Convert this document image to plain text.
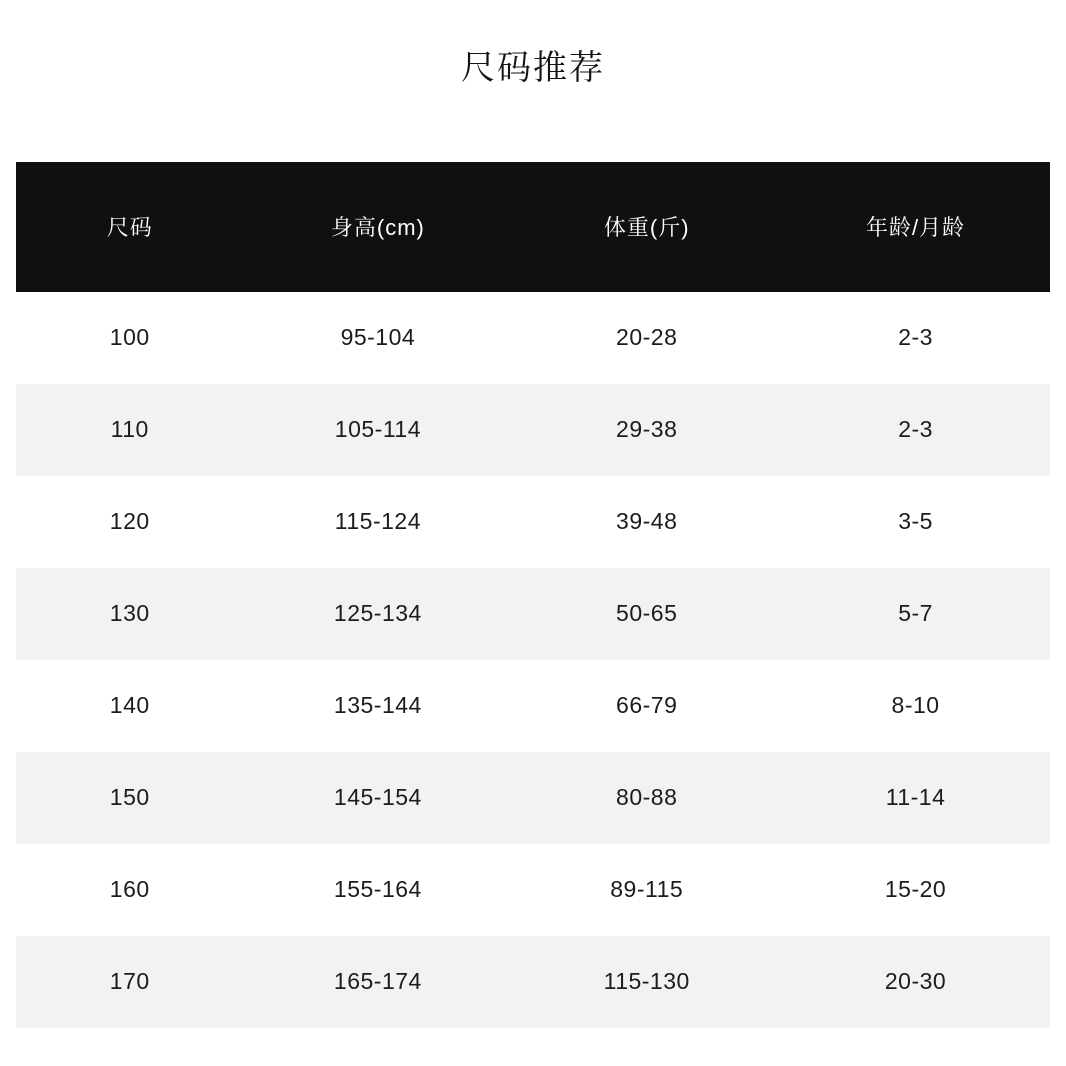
尺码推荐
尺码	身高(cm)	体重(斤)	年龄/月龄
100	95-104	20-28	2-3
110	105-114	29-38	2-3
120	115-124	39-48	3-5
130	125-134	50-65	5-7
140	135-144	66-79	8-10
150	145-154	80-88	11-14
160	155-164	89-115	15-20
170	165-174	115-130	20-30
